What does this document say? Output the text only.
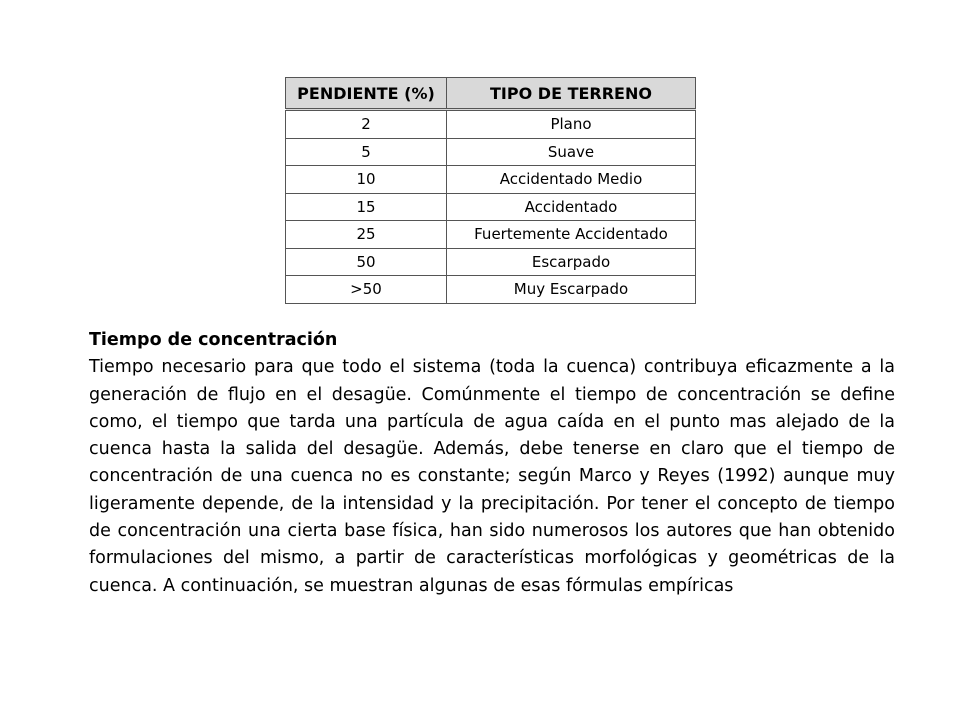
PENDIENTE (%)	TIPO DE TERRENO
2	Plano
5	Suave
10	Accidentado Medio
15	Accidentado
25	Fuertemente Accidentado
50	Escarpado
>50	Muy Escarpado

Tiempo de concentración

Tiempo necesario para que todo el sistema (toda la cuenca) contribuya eficazmente a la generación de flujo en el desagüe. Comúnmente el tiempo de concentración se define como, el tiempo que tarda una partícula de agua caída en el punto mas alejado de la cuenca hasta la salida del desagüe. Además, debe tenerse en claro que el tiempo de concentración de una cuenca no es constante; según Marco y Reyes (1992) aunque muy ligeramente depende, de la intensidad y la precipitación. Por tener el concepto de tiempo de concentración una cierta base física, han sido numerosos los autores que han obtenido formulaciones del mismo, a partir de características morfológicas y geométricas de la cuenca. A continuación, se muestran algunas de esas fórmulas empíricas
